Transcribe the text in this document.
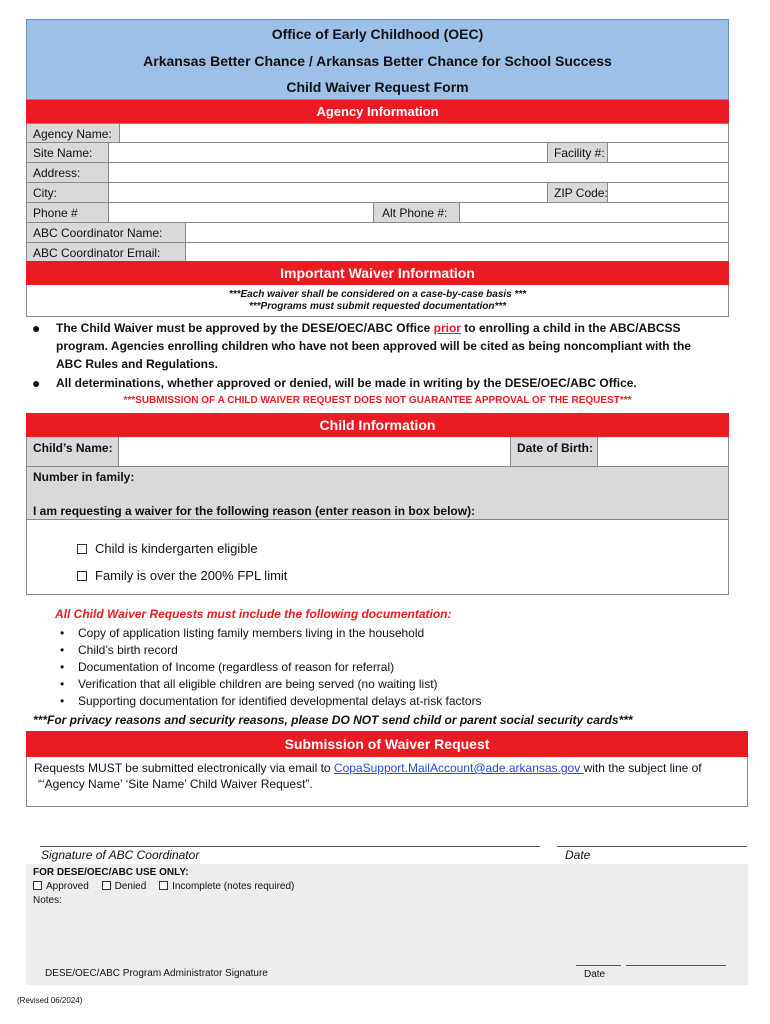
Office of Early Childhood (OEC)
Arkansas Better Chance / Arkansas Better Chance for School Success
Child Waiver Request Form
Agency Information
Agency Name:
Site Name:	Facility #:
Address:
City:	ZIP Code:
Phone #	Alt Phone #:
ABC Coordinator Name:
ABC Coordinator Email:
Important Waiver Information
***Each waiver shall be considered on a case-by-case basis ***
***Programs must submit requested documentation***
● The Child Waiver must be approved by the DESE/OEC/ABC Office prior to enrolling a child in the ABC/ABCSS program. Agencies enrolling children who have not been approved will be cited as being noncompliant with the ABC Rules and Regulations.
● All determinations, whether approved or denied, will be made in writing by the DESE/OEC/ABC Office.
***SUBMISSION OF A CHILD WAIVER REQUEST DOES NOT GUARANTEE APPROVAL OF THE REQUEST***
Child Information
Child’s Name:	Date of Birth:
Number in family:
I am requesting a waiver for the following reason (enter reason in box below):
Child is kindergarten eligible
Family is over the 200% FPL limit
All Child Waiver Requests must include the following documentation:
• Copy of application listing family members living in the household
• Child’s birth record
• Documentation of Income (regardless of reason for referral)
• Verification that all eligible children are being served (no waiting list)
• Supporting documentation for identified developmental delays at-risk factors
***For privacy reasons and security reasons, please DO NOT send child or parent social security cards***
Submission of Waiver Request
Requests MUST be submitted electronically via email to CopaSupport.MailAccount@ade.arkansas.gov with the subject line of
“‘Agency Name’ ‘Site Name’ Child Waiver Request”.
Signature of ABC Coordinator	Date
FOR DESE/OEC/ABC USE ONLY:
Approved	Denied	Incomplete (notes required)
Notes:
DESE/OEC/ABC Program Administrator Signature	Date
(Revised 06/2024)
